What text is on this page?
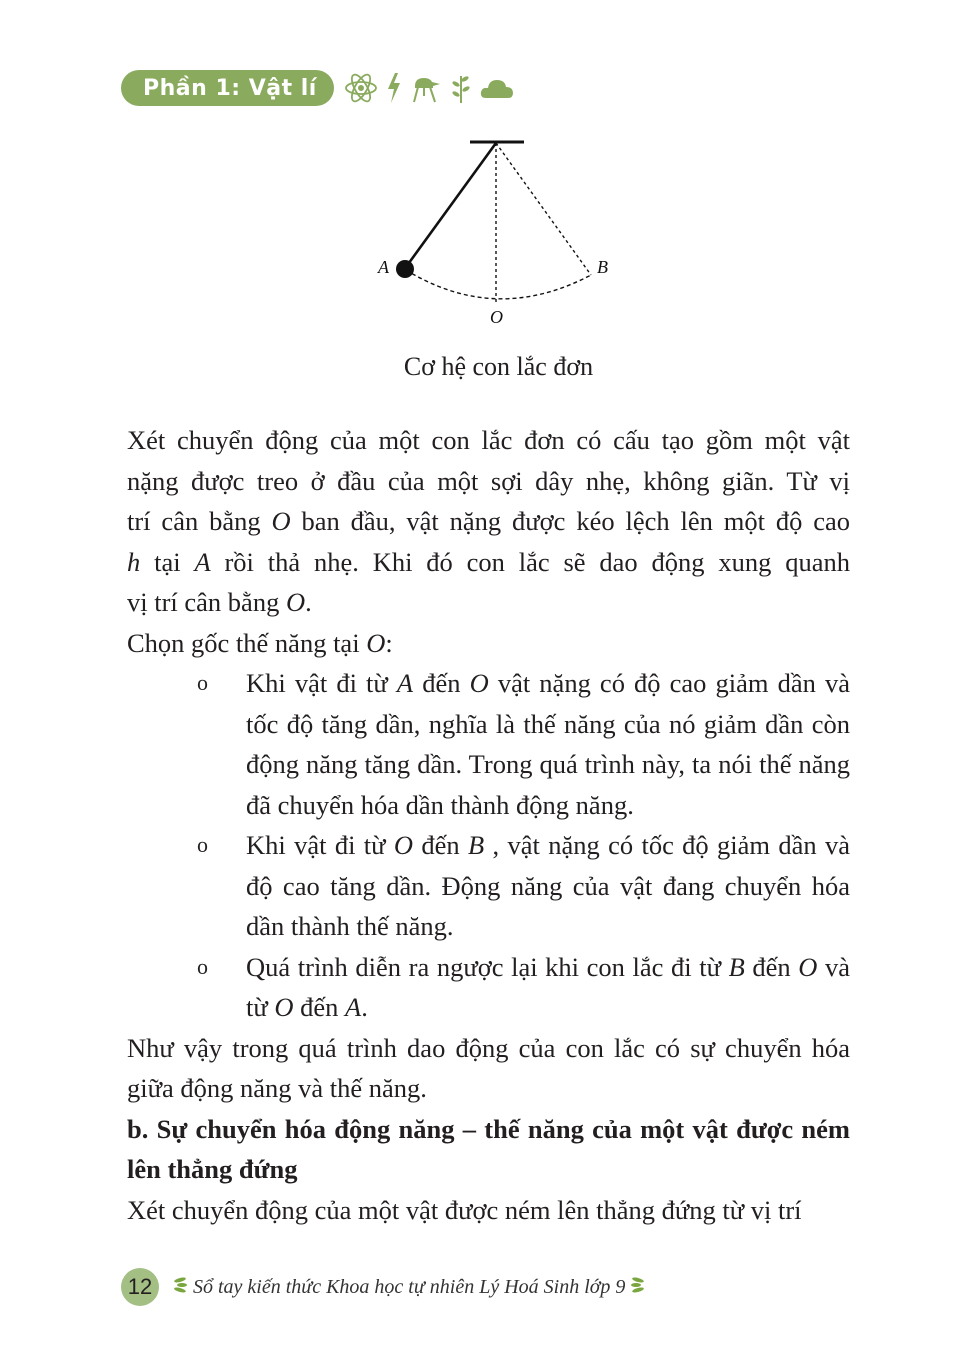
Phần 1: Vật lí
A	B
O
Cơ hệ con lắc đơn

Xét chuyển động của một con lắc đơn có cấu tạo gồm một vật
nặng được treo ở đầu của một sợi dây nhẹ, không giãn. Từ vị
trí cân bằng O ban đầu, vật nặng được kéo lệch lên một độ cao
h tại A rồi thả nhẹ. Khi đó con lắc sẽ dao động xung quanh

vị trí cân bằng O.

Chọn gốc thế năng tại O:

o	Khi vật đi từ A đến O vật nặng có độ cao giảm dần và tốc độ tăng dần, nghĩa là thế năng của nó giảm dần còn động năng tăng dần. Trong quá trình này, ta nói thế năng đã chuyển hóa dần thành động năng.
o	Khi vật đi từ O đến B , vật nặng có tốc độ giảm dần và độ cao tăng dần. Động năng của vật đang chuyển hóa dần thành thế năng.
o	Quá trình diễn ra ngược lại khi con lắc đi từ B đến O và từ O đến A.

Như vậy trong quá trình dao động của con lắc có sự chuyển hóa giữa động năng và thế năng.

b. Sự chuyển hóa động năng – thế năng của một vật được ném lên thẳng đứng

Xét chuyển động của một vật được ném lên thẳng đứng từ vị trí

12	Sổ tay kiến thức Khoa học tự nhiên Lý Hoá Sinh lớp 9
